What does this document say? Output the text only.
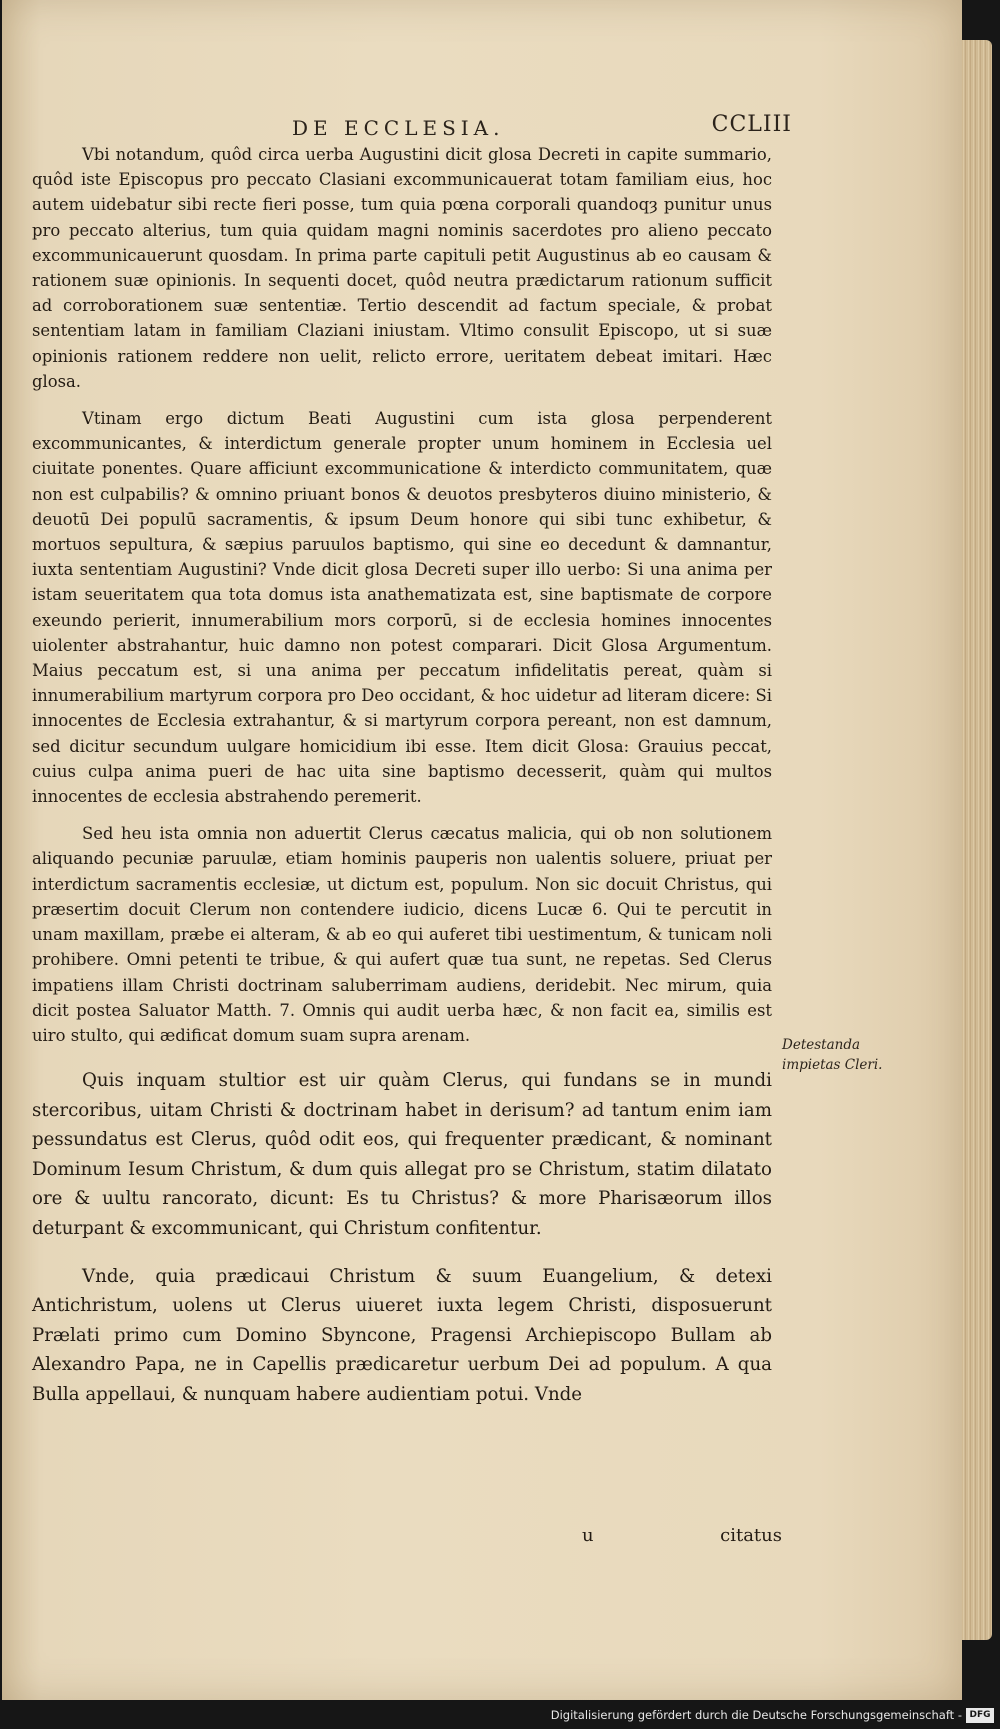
DE ECCLESIA.	CCLIII

Vbi notandum, quôd circa uerba Augustini dicit glosa Decreti in capite summario, quôd iste Episcopus pro peccato Clasiani excommunicauerat totam familiam eius, hoc autem uidebatur sibi recte fieri posse, tum quia pœna corporali quandoqȝ punitur unus pro peccato alterius, tum quia quidam magni nominis sacerdotes pro alieno peccato excommunicauerunt quosdam. In prima parte capituli petit Augustinus ab eo causam & rationem suæ opinionis. In sequenti docet, quôd neutra prædictarum rationum sufficit ad corroborationem suæ sententiæ. Tertio descendit ad factum speciale, & probat sententiam latam in familiam Claziani iniustam. Vltimo consulit Episcopo, ut si suæ opinionis rationem reddere non uelit, relicto errore, ueritatem debeat imitari. Hæc glosa.

Vtinam ergo dictum Beati Augustini cum ista glosa perpenderent excommunicantes, & interdictum generale propter unum hominem in Ecclesia uel ciuitate ponentes. Quare afficiunt excommunicatione & interdicto communitatem, quæ non est culpabilis? & omnino priuant bonos & deuotos presbyteros diuino ministerio, & deuotū Dei populū sacramentis, & ipsum Deum honore qui sibi tunc exhibetur, & mortuos sepultura, & sæpius paruulos baptismo, qui sine eo decedunt & damnantur, iuxta sententiam Augustini? Vnde dicit glosa Decreti super illo uerbo: Si una anima per istam seueritatem qua tota domus ista anathematizata est, sine baptismate de corpore exeundo perierit, innumerabilium mors corporū, si de ecclesia homines innocentes uiolenter abstrahantur, huic damno non potest comparari. Dicit Glosa Argumentum. Maius peccatum est, si una anima per peccatum infidelitatis pereat, quàm si innumerabilium martyrum corpora pro Deo occidant, & hoc uidetur ad literam dicere: Si innocentes de Ecclesia extrahantur, & si martyrum corpora pereant, non est damnum, sed dicitur secundum uulgare homicidium ibi esse. Item dicit Glosa: Grauius peccat, cuius culpa anima pueri de hac uita sine baptismo decesserit, quàm qui multos innocentes de ecclesia abstrahendo peremerit.

Sed heu ista omnia non aduertit Clerus cæcatus malicia, qui ob non solutionem aliquando pecuniæ paruulæ, etiam hominis pauperis non ualentis soluere, priuat per interdictum sacramentis ecclesiæ, ut dictum est, populum. Non sic docuit Christus, qui præsertim docuit Clerum non contendere iudicio, dicens Lucæ 6. Qui te percutit in unam maxillam, præbe ei alteram, & ab eo qui auferet tibi uestimentum, & tunicam noli prohibere. Omni petenti te tribue, & qui aufert quæ tua sunt, ne repetas. Sed Clerus impatiens illam Christi doctrinam saluberrimam audiens, deridebit. Nec mirum, quia dicit postea Saluator Matth. 7. Omnis qui audit uerba hæc, & non facit ea, similis est uiro stulto, qui ædificat domum suam supra arenam.

Quis inquam stultior est uir quàm Clerus, qui fundans se in mundi stercoribus, uitam Christi & doctrinam habet in derisum? ad tantum enim iam pessundatus est Clerus, quôd odit eos, qui frequenter prædicant, & nominant Dominum Iesum Christum, & dum quis allegat pro se Christum, statim dilatato ore & uultu rancorato, dicunt: Es tu Christus? & more Pharisæorum illos deturpant & excommunicant, qui Christum confitentur.

Vnde, quia prædicaui Christum & suum Euangelium, & detexi Antichristum, uolens ut Clerus uiueret iuxta legem Christi, disposuerunt Prælati primo cum Domino Sbyncone, Pragensi Archiepiscopo Bullam ab Alexandro Papa, ne in Capellis prædicaretur uerbum Dei ad populum. A qua Bulla appellaui, & nunquam habere audientiam potui. Vnde

Detestanda impietas Cleri.
u	citatus
Digitalisierung gefördert durch die Deutsche Forschungsgemeinschaft - DFG
